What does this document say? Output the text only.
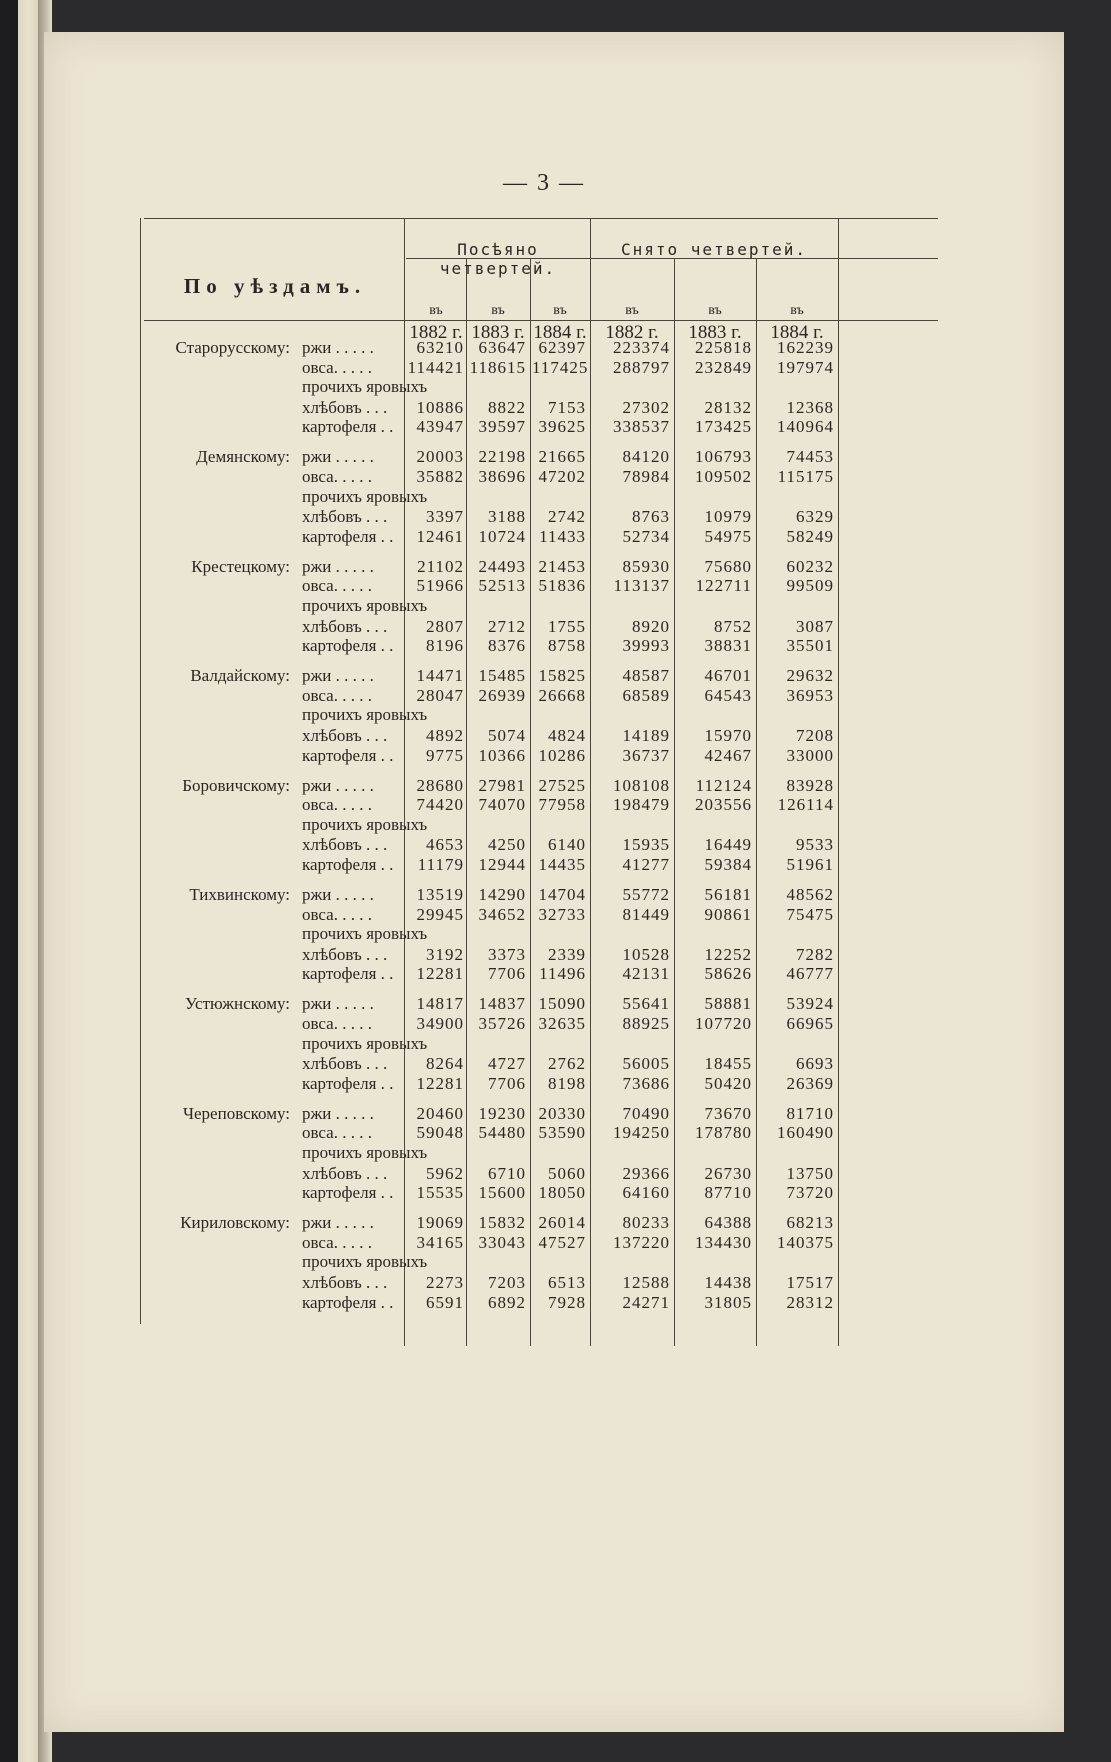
— 3 —
По уѣздамъ.
Посѣяно четвертей.
Снято четвертей.
въ
1882 г.
въ
1883 г.
въ
1884 г.
въ
1882 г.
въ
1883 г.
въ
1884 г.
Старорусскому: ржи . . . . .	63210 63647 62397	223374	225818	162239
овса. . . . .	114421 118615 117425	288797	232849	197974
прочихъ яровыхъ
хлѣбовъ . . .	10886	8822	7153	27302	28132	12368
картофеля . .	43947 39597 39625	338537	173425	140964
Демянскому: ржи . . . . .	20003 22198 21665	84120	106793	74453
овса. . . . .	35882 38696 47202	78984	109502	115175
прочихъ яровыхъ
хлѣбовъ . . .	3397	3188	2742	8763	10979	6329
картофеля . .	12461 10724 11433	52734	54975	58249
Крестецкому: ржи . . . . .	21102 24493 21453	85930	75680	60232
овса. . . . .	51966 52513 51836	113137	122711	99509
прочихъ яровыхъ
хлѣбовъ . . .	2807	2712	1755	8920	8752	3087
картофеля . .	8196	8376	8758	39993	38831	35501
Валдайскому: ржи . . . . .	14471 15485 15825	48587	46701	29632
овса. . . . .	28047 26939 26668	68589	64543	36953
прочихъ яровыхъ
хлѣбовъ . . .	4892	5074	4824	14189	15970	7208
картофеля . .	9775 10366 10286	36737	42467	33000
Боровичскому: ржи . . . . .	28680 27981 27525	108108	112124	83928
овса. . . . .	74420 74070 77958	198479	203556	126114
прочихъ яровыхъ
хлѣбовъ . . .	4653	4250	6140	15935	16449	9533
картофеля . .	11179 12944 14435	41277	59384	51961
Тихвинскому: ржи . . . . .	13519 14290 14704	55772	56181	48562
овса. . . . .	29945 34652 32733	81449	90861	75475
прочихъ яровыхъ
хлѣбовъ . . .	3192	3373	2339	10528	12252	7282
картофеля . .	12281	7706 11496	42131	58626	46777
Устюжнскому: ржи . . . . .	14817 14837 15090	55641	58881	53924
овса. . . . .	34900 35726 32635	88925	107720	66965
прочихъ яровыхъ
хлѣбовъ . . .	8264	4727	2762	56005	18455	6693
картофеля . .	12281	7706	8198	73686	50420	26369
Череповскому: ржи . . . . .	20460 19230 20330	70490	73670	81710
овса. . . . .	59048 54480 53590	194250	178780	160490
прочихъ яровыхъ
хлѣбовъ . . .	5962	6710	5060	29366	26730	13750
картофеля . .	15535 15600 18050	64160	87710	73720
Кириловскому: ржи . . . . .	19069 15832 26014	80233	64388	68213
овса. . . . .	34165 33043 47527	137220	134430	140375
прочихъ яровыхъ
хлѣбовъ . . .	2273	7203	6513	12588	14438	17517
картофеля . .	6591	6892	7928	24271	31805	28312
